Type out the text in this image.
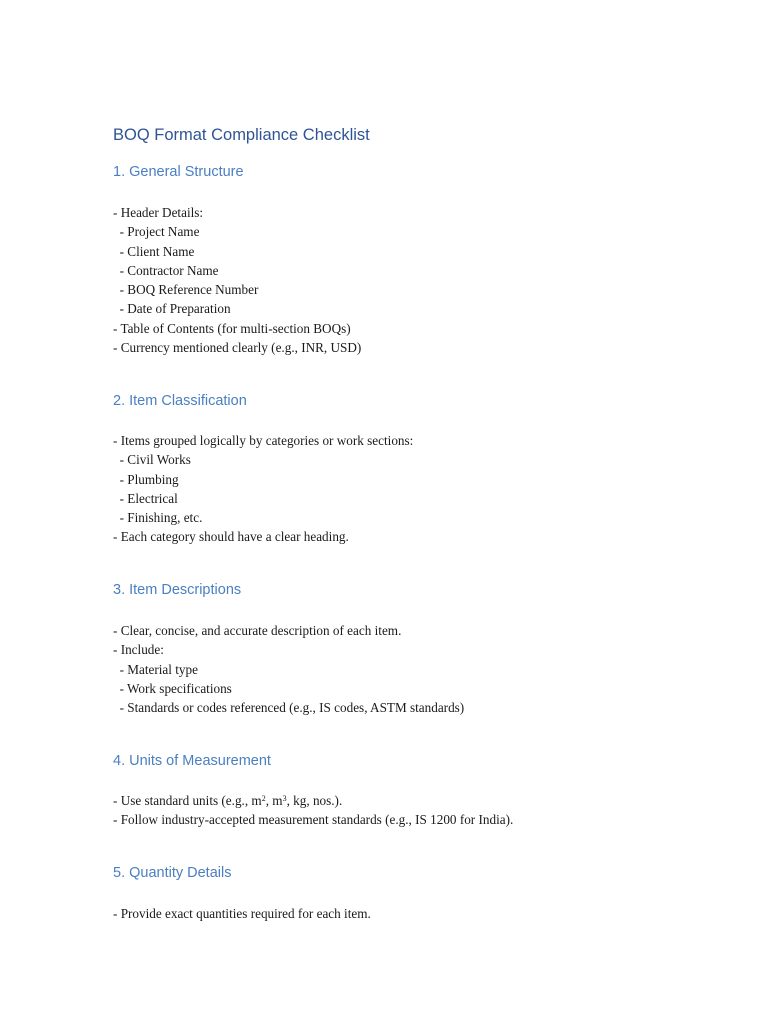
BOQ Format Compliance Checklist
1. General Structure
- Header Details:
- Project Name
- Client Name
- Contractor Name
- BOQ Reference Number
- Date of Preparation
- Table of Contents (for multi-section BOQs)
- Currency mentioned clearly (e.g., INR, USD)
2. Item Classification
- Items grouped logically by categories or work sections:
- Civil Works
- Plumbing
- Electrical
- Finishing, etc.
- Each category should have a clear heading.
3. Item Descriptions
- Clear, concise, and accurate description of each item.
- Include:
- Material type
- Work specifications
- Standards or codes referenced (e.g., IS codes, ASTM standards)
4. Units of Measurement
- Use standard units (e.g., $m^2$, $m^3$, kg, nos.).
- Follow industry-accepted measurement standards (e.g., IS 1200 for India).
5. Quantity Details
- Provide exact quantities required for each item.
